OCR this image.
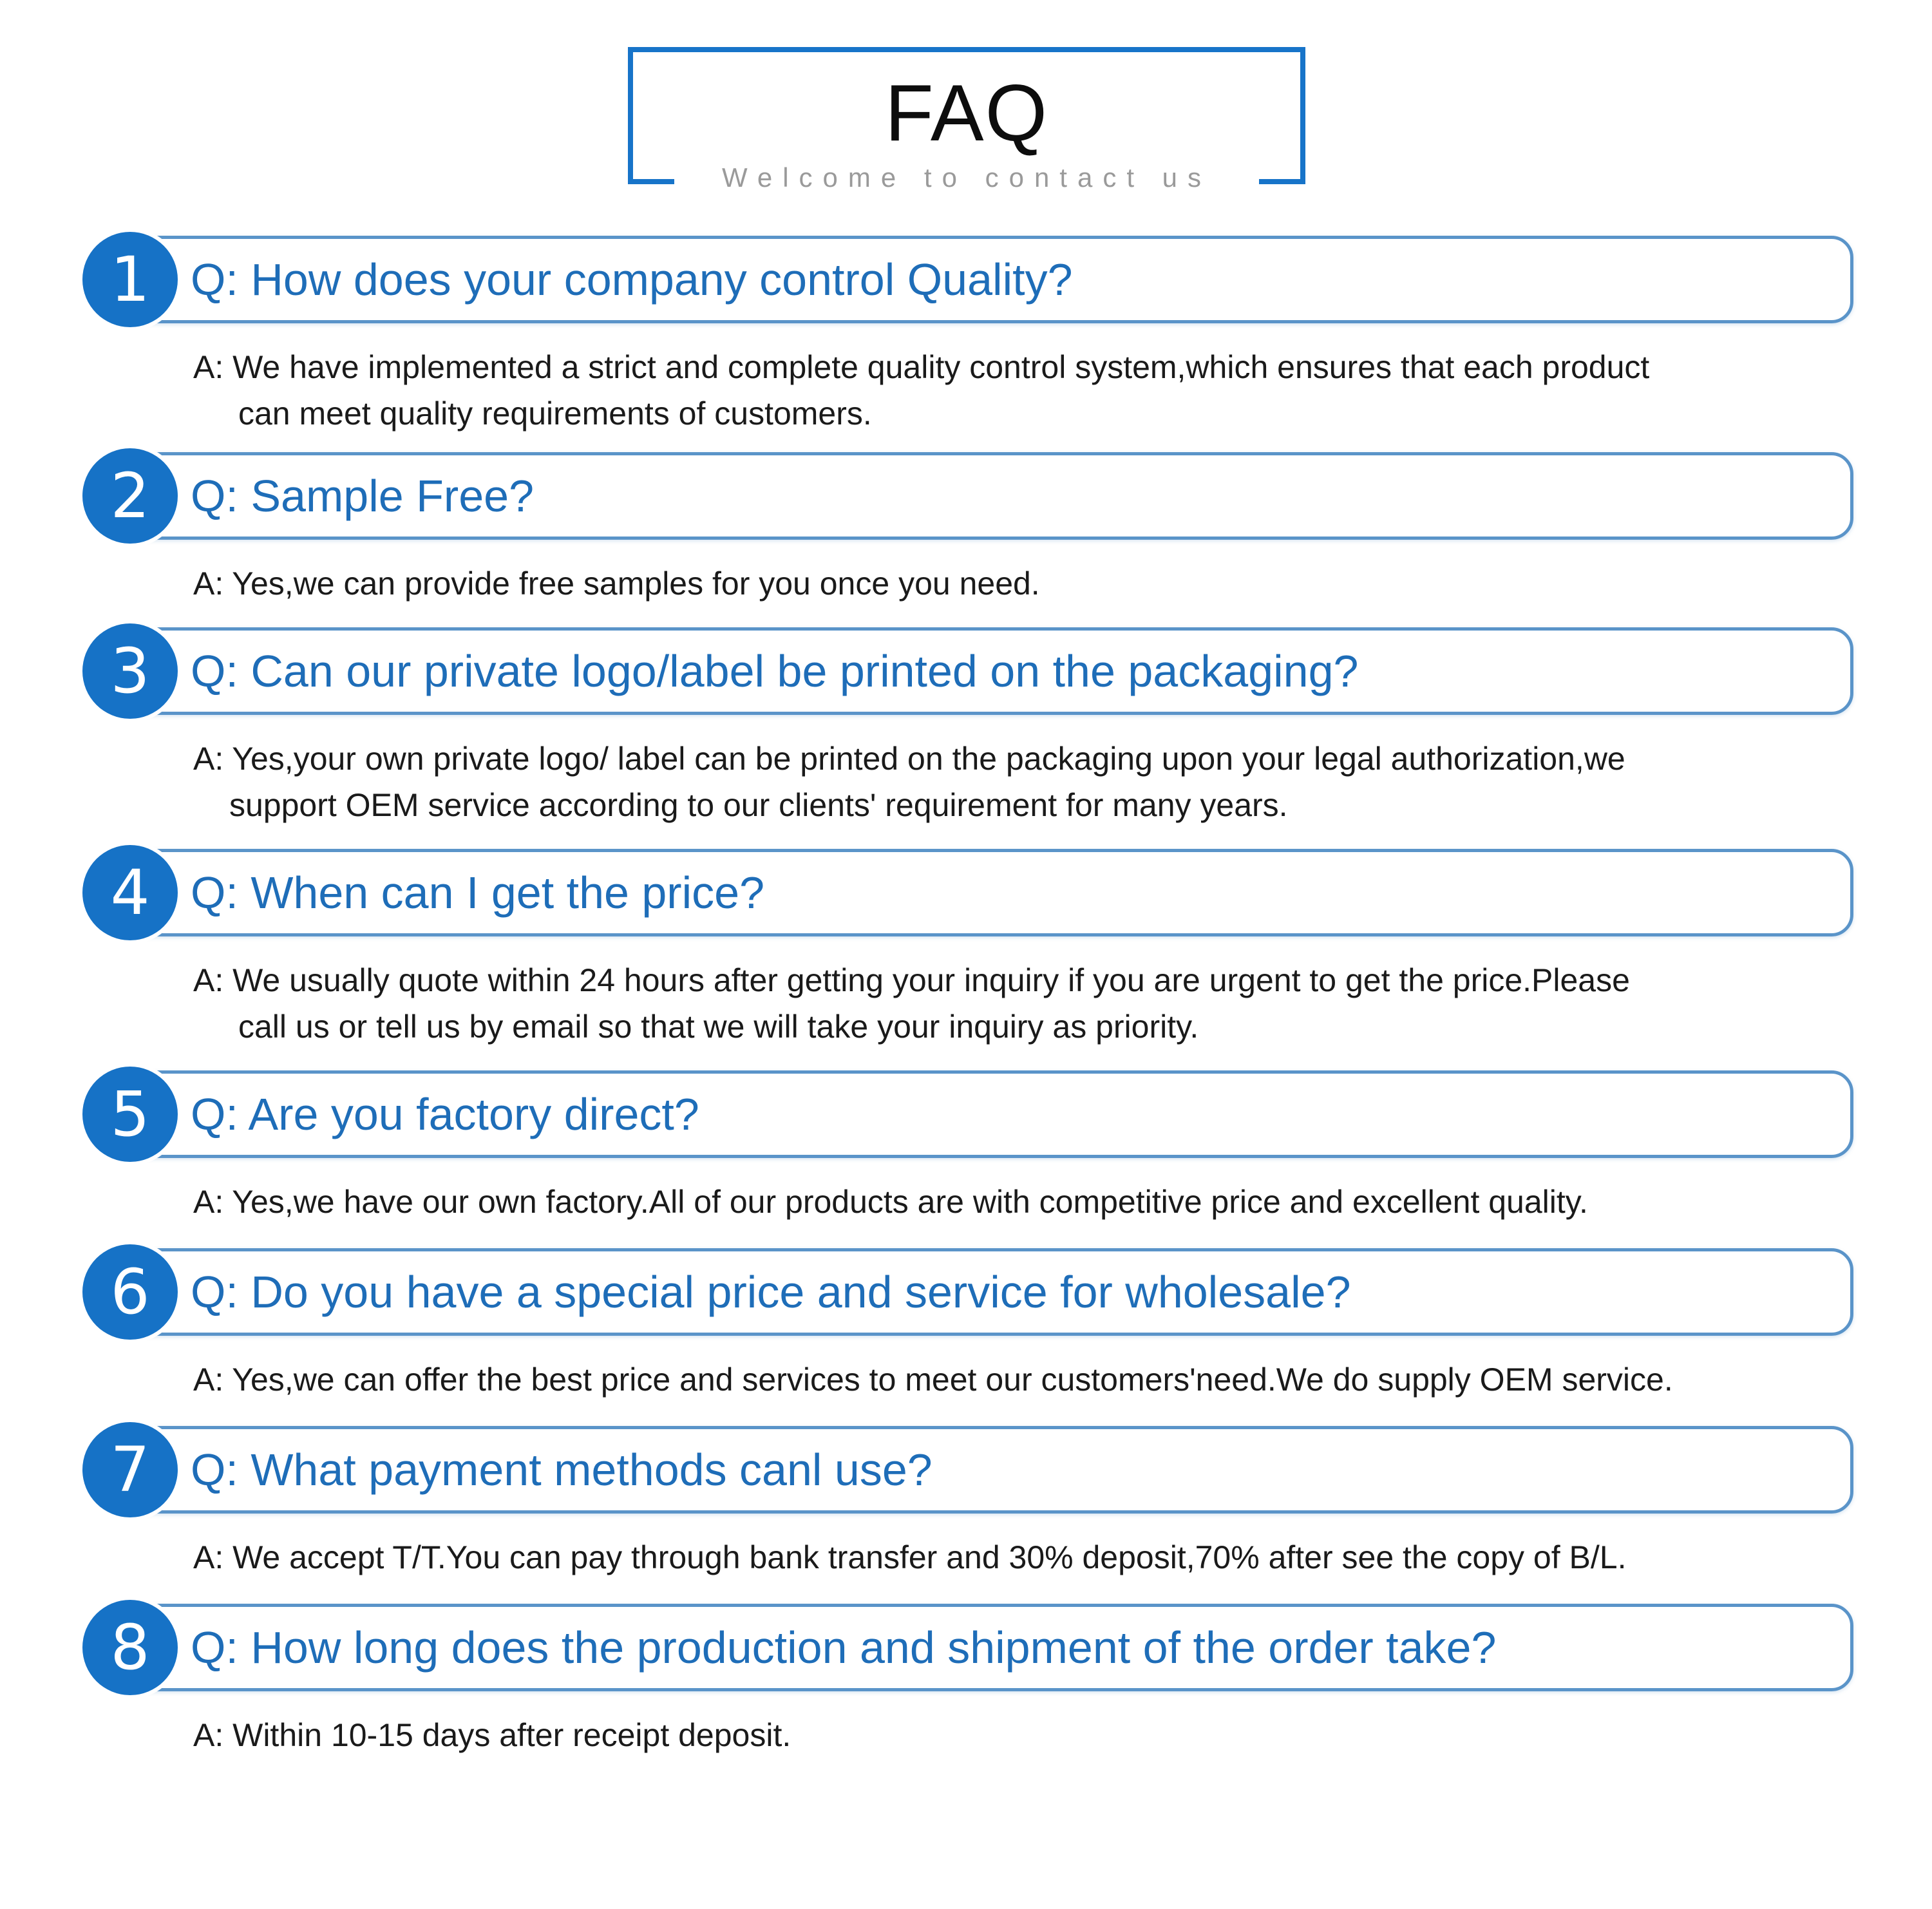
FAQ
Welcome to contact us
1 Q: How does your company control Quality?
A: We have implemented a strict and complete quality control system,which ensures that each product
can meet quality requirements of customers.
2 Q: Sample Free?
A: Yes,we can provide free samples for you once you need.
3 Q: Can our private logo/label be printed on the packaging?
A: Yes,your own private logo/ label can be printed on the packaging upon your legal authorization,we
support OEM service according to our clients' requirement for many years.
4 Q: When can I get the price?
A: We usually quote within 24 hours after getting your inquiry if you are urgent to get the price.Please
call us or tell us by email so that we will take your inquiry as priority.
5 Q: Are you factory direct?
A: Yes,we have our own factory.All of our products are with competitive price and excellent quality.
6 Q: Do you have a special price and service for wholesale?
A: Yes,we can offer the best price and services to meet our customers'need.We do supply OEM service.
7 Q: What payment methods canl use?
A: We accept T/T.You can pay through bank transfer and 30% deposit,70% after see the copy of B/L.
8 Q: How long does the production and shipment of the order take?
A: Within 10-15 days after receipt deposit.
